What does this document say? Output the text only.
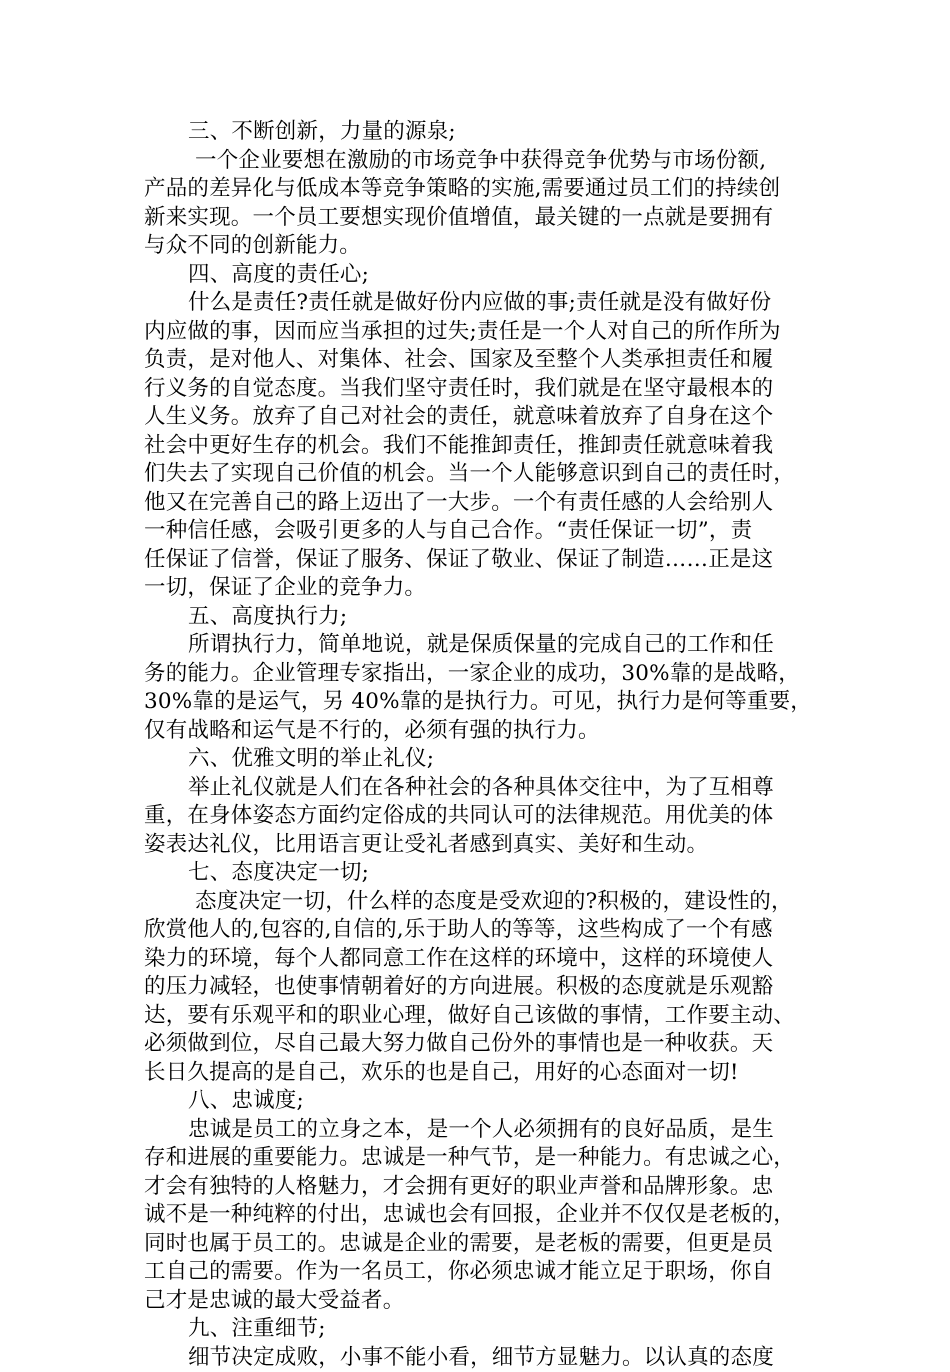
三、不断创新，力量的源泉;
一个企业要想在激励的市场竞争中获得竞争优势与市场份额,
产品的差异化与低成本等竞争策略的实施,需要通过员工们的持续创
新来实现。一个员工要想实现价值增值，最关键的一点就是要拥有
与众不同的创新能力。
四、高度的责任心;
什么是责任?责任就是做好份内应做的事;责任就是没有做好份
内应做的事，因而应当承担的过失;责任是一个人对自己的所作所为
负责，是对他人、对集体、社会、国家及至整个人类承担责任和履
行义务的自觉态度。当我们坚守责任时，我们就是在坚守最根本的
人生义务。放弃了自己对社会的责任，就意味着放弃了自身在这个
社会中更好生存的机会。我们不能推卸责任，推卸责任就意味着我
们失去了实现自己价值的机会。当一个人能够意识到自己的责任时，
他又在完善自己的路上迈出了一大步。一个有责任感的人会给别人
一种信任感，会吸引更多的人与自己合作。“责任保证一切”，责
任保证了信誉，保证了服务、保证了敬业、保证了制造……正是这
一切，保证了企业的竞争力。
五、高度执行力;
所谓执行力，简单地说，就是保质保量的完成自己的工作和任
务的能力。企业管理专家指出，一家企业的成功，30%靠的是战略，
30%靠的是运气，另 40%靠的是执行力。可见，执行力是何等重要，
仅有战略和运气是不行的，必须有强的执行力。
六、优雅文明的举止礼仪;
举止礼仪就是人们在各种社会的各种具体交往中，为了互相尊
重，在身体姿态方面约定俗成的共同认可的法律规范。用优美的体
姿表达礼仪，比用语言更让受礼者感到真实、美好和生动。
七、态度决定一切;
态度决定一切，什么样的态度是受欢迎的?积极的，建设性的，
欣赏他人的,包容的,自信的,乐于助人的等等，这些构成了一个有感
染力的环境，每个人都同意工作在这样的环境中，这样的环境使人
的压力减轻，也使事情朝着好的方向进展。积极的态度就是乐观豁
达，要有乐观平和的职业心理，做好自己该做的事情，工作要主动、
必须做到位，尽自己最大努力做自己份外的事情也是一种收获。天
长日久提高的是自己，欢乐的也是自己，用好的心态面对一切!
八、忠诚度;
忠诚是员工的立身之本，是一个人必须拥有的良好品质，是生
存和进展的重要能力。忠诚是一种气节，是一种能力。有忠诚之心，
才会有独特的人格魅力，才会拥有更好的职业声誉和品牌形象。忠
诚不是一种纯粹的付出，忠诚也会有回报，企业并不仅仅是老板的，
同时也属于员工的。忠诚是企业的需要，是老板的需要，但更是员
工自己的需要。作为一名员工，你必须忠诚才能立足于职场，你自
己才是忠诚的最大受益者。
九、注重细节;
细节决定成败，小事不能小看，细节方显魅力。以认真的态度
